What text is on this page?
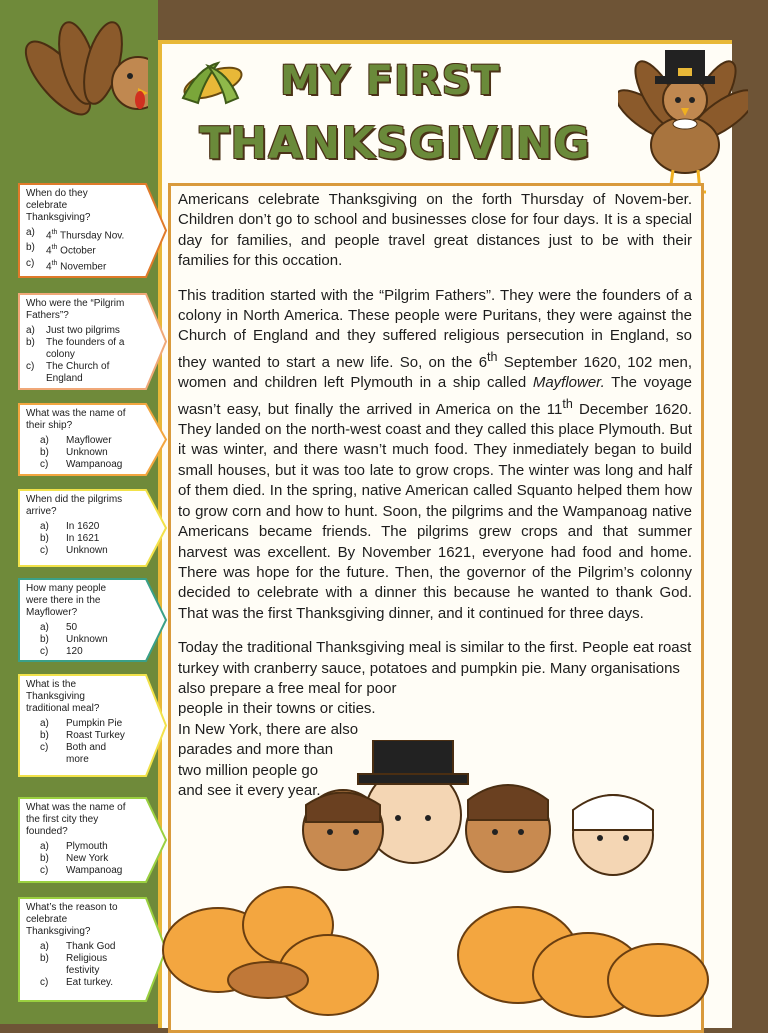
MY FIRST
THANKSGIVING

Americans celebrate Thanksgiving on the forth Thursday of Novem-ber. Children don’t go to school and businesses close for four days. It is a special day for families, and people travel great distances just to be with their families for this occation.

This tradition started with the “Pilgrim Fathers”. They were the founders of a colony in North America. These people were Puritans, they were against the Church of England and they suffered religious persecution in England, so they wanted to start a new life. So, on the 6th September 1620, 102 men, women and children left Plymouth in a ship called Mayflower. The voyage wasn’t easy, but finally the arrived in America on the 11th December 1620. They landed on the north-west coast and they called this place Plymouth. But it was winter, and there wasn’t much food. They inmediately began to build small houses, but it was too late to grow crops. The winter was long and half of them died. In the spring, native American called Squanto helped them how to grow corn and how to hunt. Soon, the pilgrims and the Wampanoag native Americans became friends. The pilgrims grew crops and that summer harvest was excellent. By November 1621, everyone had food and home. There was hope for the future. Then, the governor of the Pilgrim’s colonny decided to celebrate with a dinner this because he wanted to thank God. That was the first Thanksgiving dinner, and it continued for three days.

Today the traditional Thanksgiving meal is similar to the first. People eat roast turkey with cranberry sauce, potatoes and pumpkin pie. Many organisations also prepare a free meal for poor
people in their towns or cities.
In New York, there are also
parades and more than
two million people go
and see it every year.

When do they celebrate Thanksgiving?
a)	4th Thursday Nov.
b)	4th October
c)	4th November
Who were the “Pilgrim Fathers”?
a)	Just two pilgrims
b)	The founders of a colony
c)	The Church of England
What was the name of their ship?
a)	Mayflower
b)	Unknown
c)	Wampanoag
When did the pilgrims arrive?
a)	In 1620
b)	In 1621
c)	Unknown
How many people were there in the Mayflower?
a)	50
b)	Unknown
c)	120
What is the Thanksgiving traditional meal?
a)	Pumpkin Pie
b)	Roast Turkey
c)	Both and more
What was the name of the first city they founded?
a)	Plymouth
b)	New York
c)	Wampanoag
What’s the reason to celebrate Thanksgiving?
a)	Thank God
b)	Religious festivity
c)	Eat turkey.
